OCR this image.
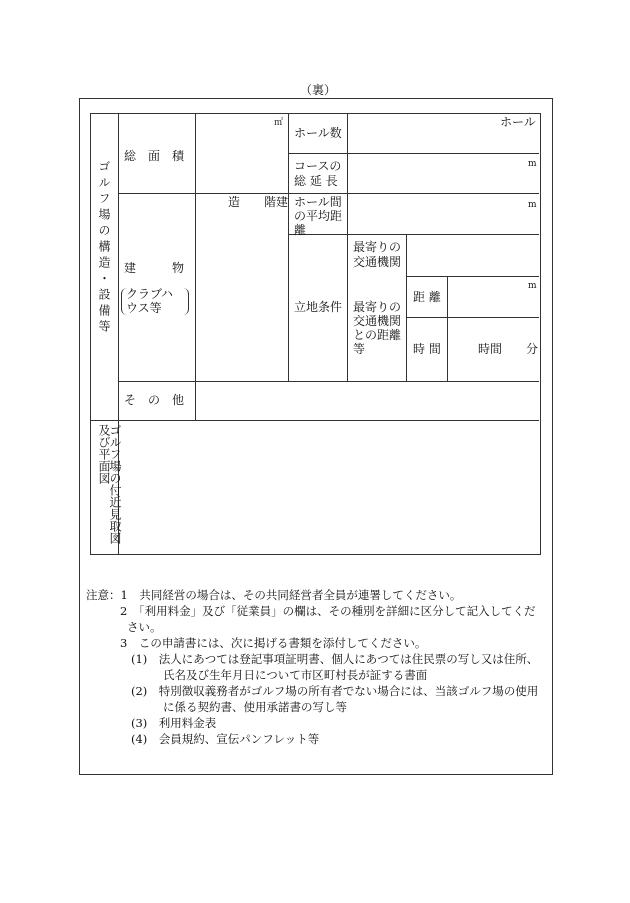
（裏）
ゴルフ場の構造・設備等
総　面　積
㎡
ホール数
ホール
コースの
総 延 長
m
造　　階建 ホール間
の平均距
離
m
建　　　物
クラブハ
ウス等	立地条件
最寄りの
交通機関
最寄りの
交通機関
との距離
等
距 離
m
時 間	時間　　分
そ　の　他
ゴルフ場の付近見取図及び平面図
注意：1　共同経営の場合は、その共同経営者全員が連署してください。
2　「利用料金」及び「従業員」の欄は、その種別を詳細に区分して記入してくだ
さい。
3　この申請書には、次に掲げる書類を添付してください。
(1)　法人にあつては登記事項証明書、個人にあつては住民票の写し又は住所、
氏名及び生年月日について市区町村長が証する書面
(2)　特別徴収義務者がゴルフ場の所有者でない場合には、当該ゴルフ場の使用
に係る契約書、使用承諾書の写し等
(3)　利用料金表
(4)　会員規約、宣伝パンフレット等
